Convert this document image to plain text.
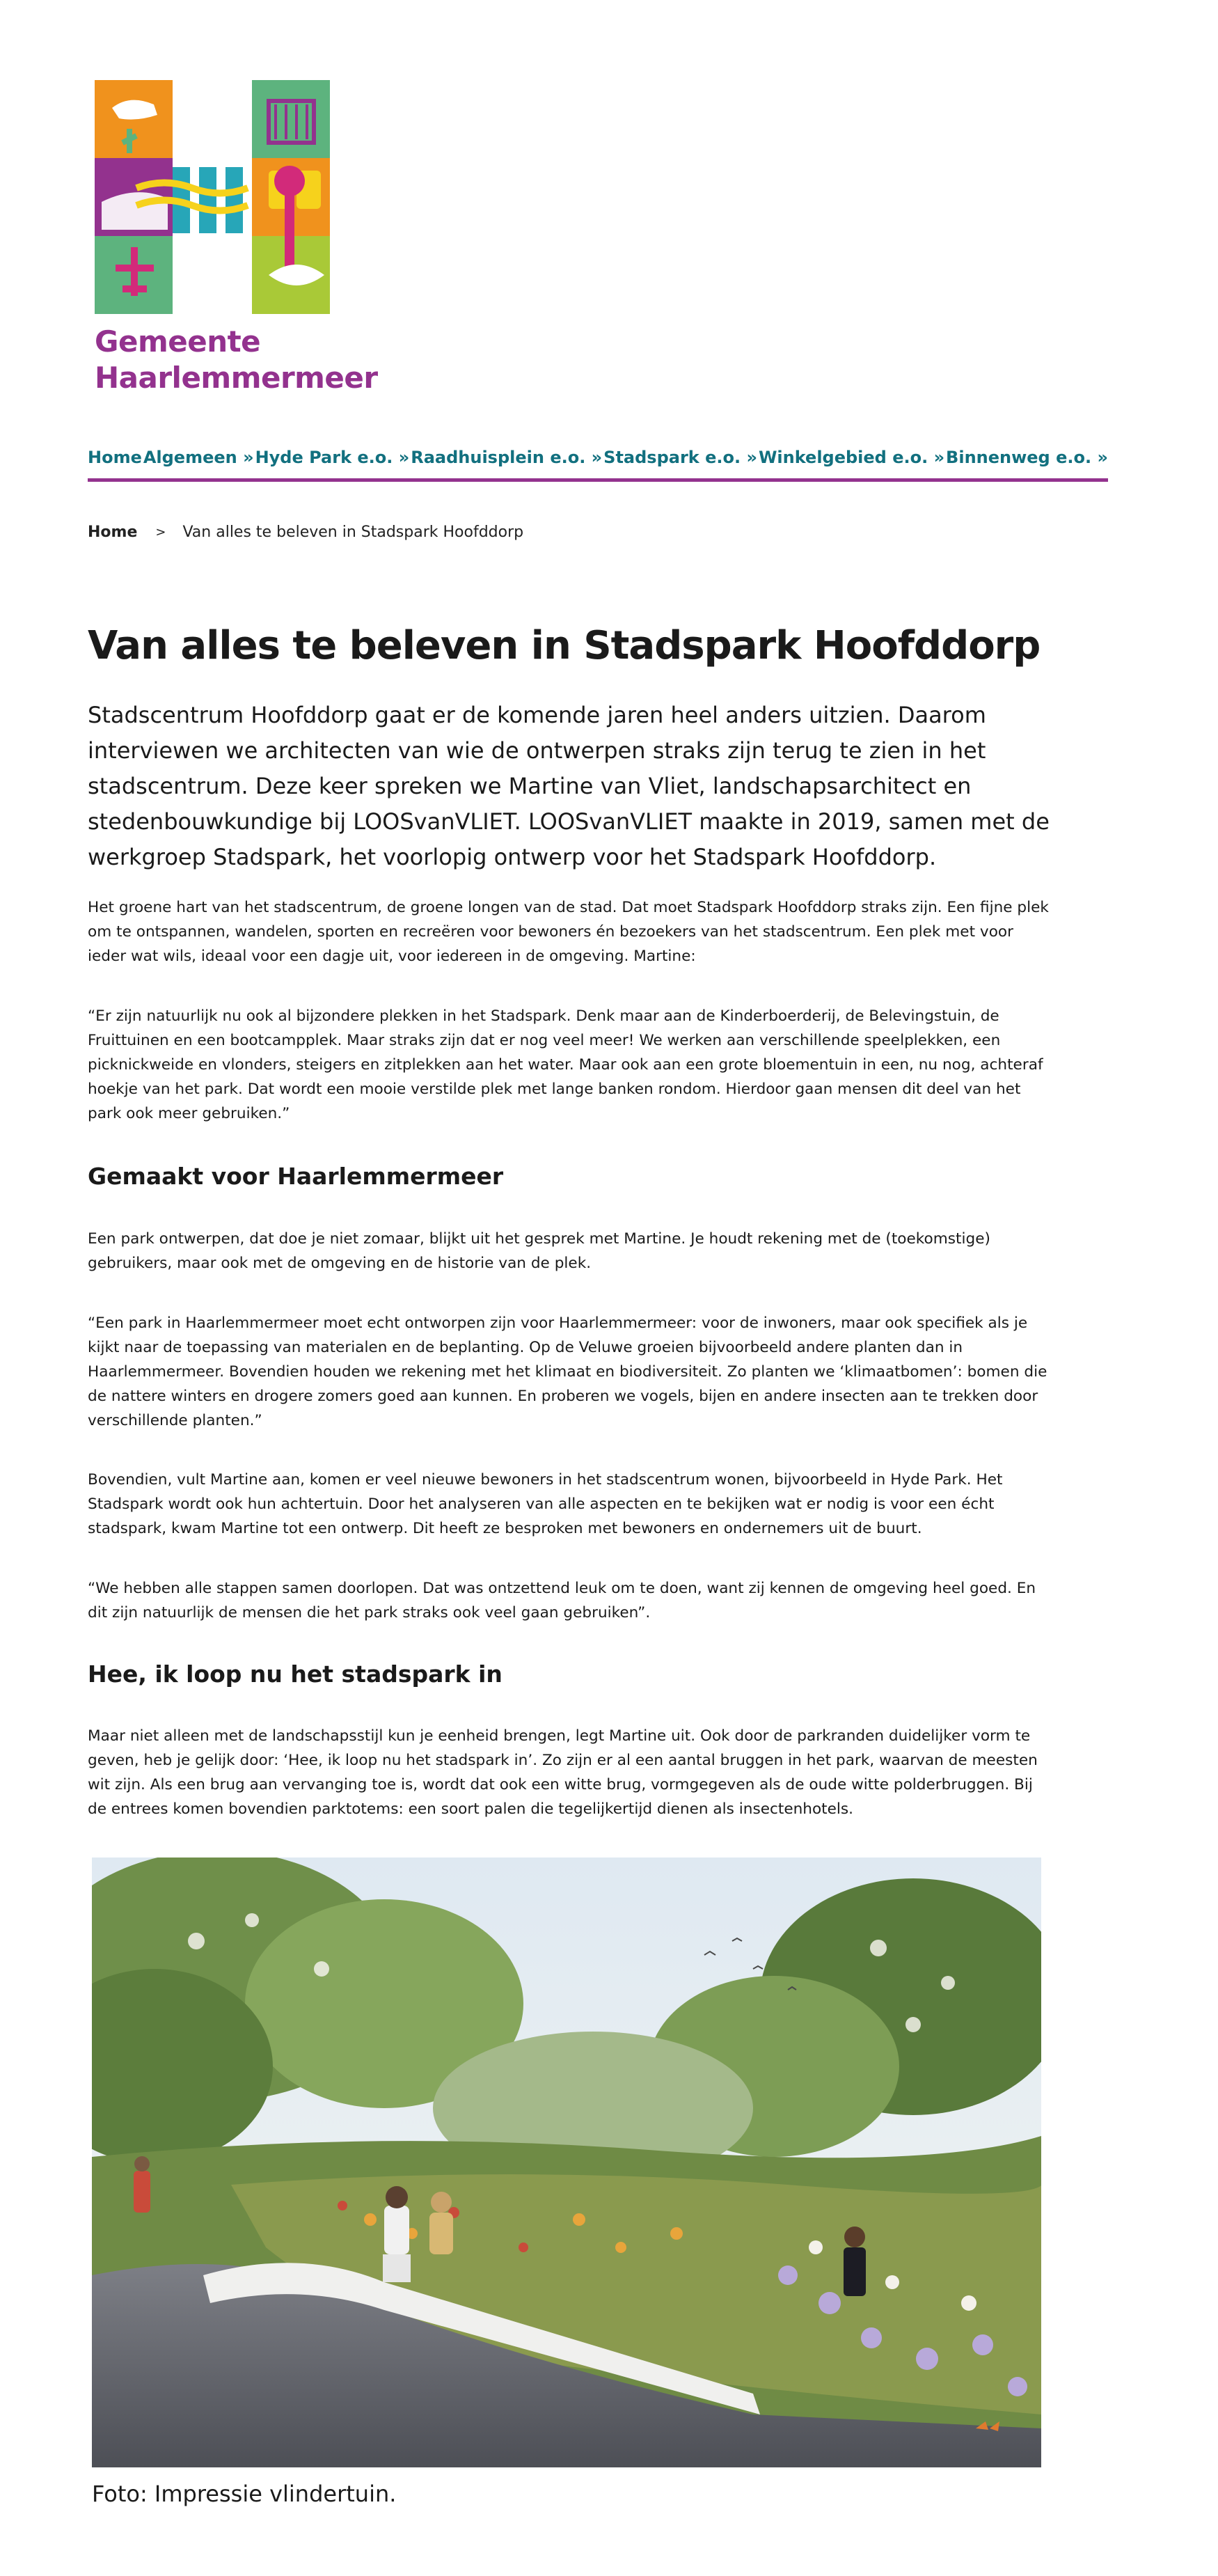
Gemeente
Haarlemmermeer
Home Algemeen » Hyde Park e.o. » Raadhuisplein e.o. » Stadspark e.o. » Winkelgebied e.o. » Binnenweg e.o. »
Home > Van alles te beleven in Stadspark Hoofddorp
Van alles te beleven in Stadspark Hoofddorp

Stadscentrum Hoofddorp gaat er de komende jaren heel anders uitzien. Daarom interviewen we architecten van wie de ontwerpen straks zijn terug te zien in het stadscentrum. Deze keer spreken we Martine van Vliet, landschapsarchitect en stedenbouwkundige bij LOOSvanVLIET. LOOSvanVLIET maakte in 2019, samen met de werkgroep Stadspark, het voorlopig ontwerp voor het Stadspark Hoofddorp.

Het groene hart van het stadscentrum, de groene longen van de stad. Dat moet Stadspark Hoofddorp straks zijn. Een fijne plek om te ontspannen, wandelen, sporten en recreëren voor bewoners én bezoekers van het stadscentrum. Een plek met voor ieder wat wils, ideaal voor een dagje uit, voor iedereen in de omgeving. Martine:

“Er zijn natuurlijk nu ook al bijzondere plekken in het Stadspark. Denk maar aan de Kinderboerderij, de Belevingstuin, de Fruittuinen en een bootcampplek. Maar straks zijn dat er nog veel meer! We werken aan verschillende speelplekken, een picknickweide en vlonders, steigers en zitplekken aan het water. Maar ook aan een grote bloementuin in een, nu nog, achteraf hoekje van het park. Dat wordt een mooie verstilde plek met lange banken rondom. Hierdoor gaan mensen dit deel van het park ook meer gebruiken.”

Gemaakt voor Haarlemmermeer

Een park ontwerpen, dat doe je niet zomaar, blijkt uit het gesprek met Martine. Je houdt rekening met de (toekomstige) gebruikers, maar ook met de omgeving en de historie van de plek.

“Een park in Haarlemmermeer moet echt ontworpen zijn voor Haarlemmermeer: voor de inwoners, maar ook specifiek als je kijkt naar de toepassing van materialen en de beplanting. Op de Veluwe groeien bijvoorbeeld andere planten dan in Haarlemmermeer. Bovendien houden we rekening met het klimaat en biodiversiteit. Zo planten we ‘klimaatbomen’: bomen die de nattere winters en drogere zomers goed aan kunnen. En proberen we vogels, bijen en andere insecten aan te trekken door verschillende planten.”

Bovendien, vult Martine aan, komen er veel nieuwe bewoners in het stadscentrum wonen, bijvoorbeeld in Hyde Park. Het Stadspark wordt ook hun achtertuin. Door het analyseren van alle aspecten en te bekijken wat er nodig is voor een écht stadspark, kwam Martine tot een ontwerp. Dit heeft ze besproken met bewoners en ondernemers uit de buurt.

“We hebben alle stappen samen doorlopen. Dat was ontzettend leuk om te doen, want zij kennen de omgeving heel goed. En dit zijn natuurlijk de mensen die het park straks ook veel gaan gebruiken”.

Hee, ik loop nu het stadspark in

Maar niet alleen met de landschapsstijl kun je eenheid brengen, legt Martine uit. Ook door de parkranden duidelijker vorm te geven, heb je gelijk door: ‘Hee, ik loop nu het stadspark in’. Zo zijn er al een aantal bruggen in het park, waarvan de meesten wit zijn. Als een brug aan vervanging toe is, wordt dat ook een witte brug, vormgegeven als de oude witte polderbruggen. Bij de entrees komen bovendien parktotems: een soort palen die tegelijkertijd dienen als insectenhotels.

Foto: Impressie vlindertuin.
